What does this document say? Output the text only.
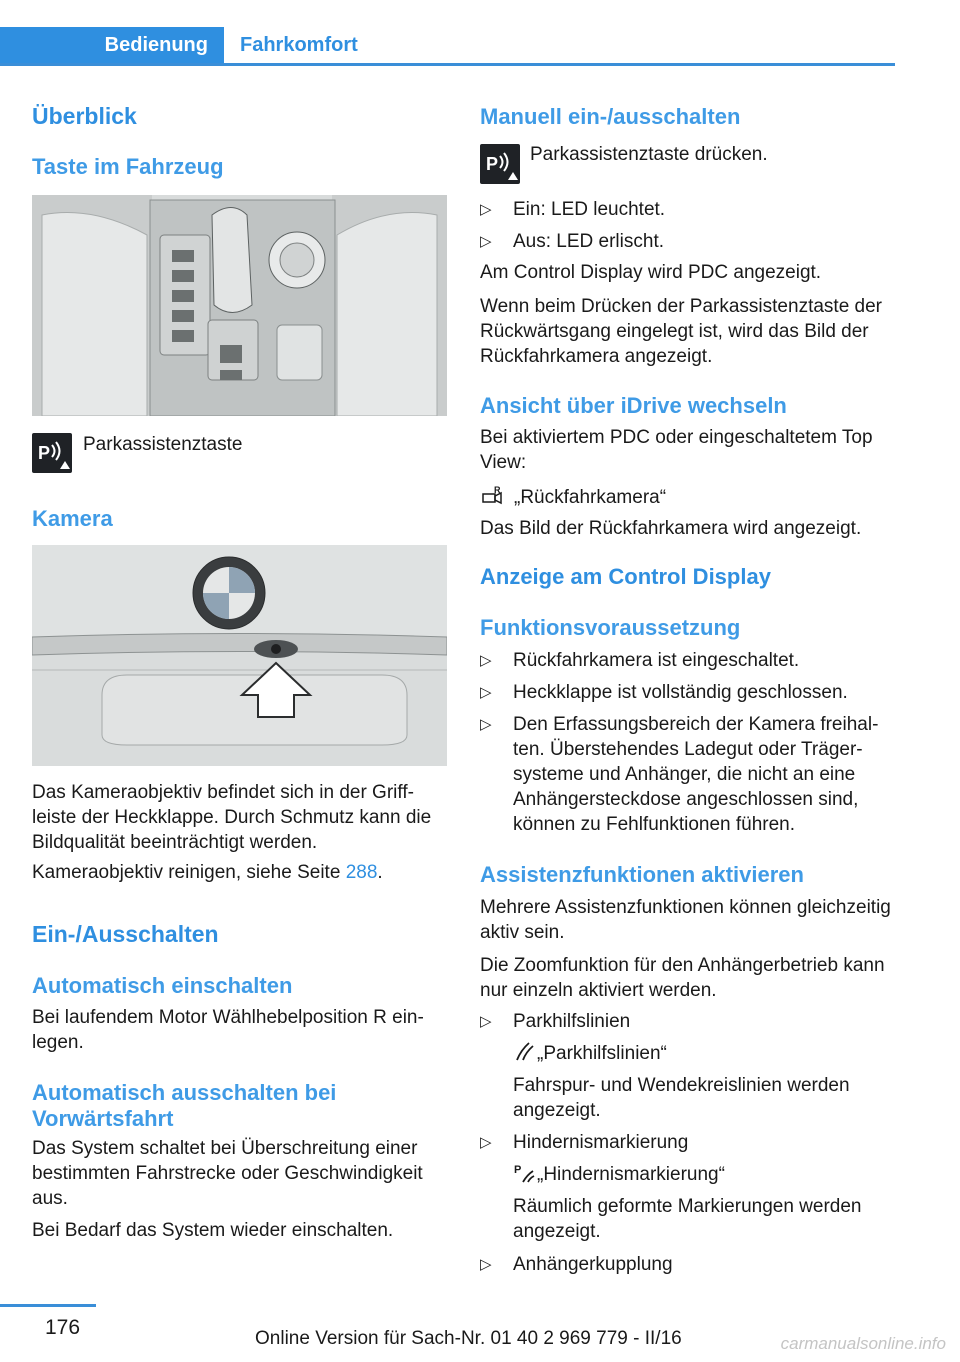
Bedienung	Fahrkomfort
Überblick
Taste im Fahrzeug
P Parkassistenztaste
Kamera
Das Kameraobjektiv befindet sich in der Griffleiste der Heckklappe. Durch Schmutz kann die Bildqualität beeinträchtigt werden.
Kameraobjektiv reinigen, siehe Seite 288.
Ein-/Ausschalten
Automatisch einschalten
Bei laufendem Motor Wählhebelposition R einlegen.
Automatisch ausschalten bei Vorwärtsfahrt
Das System schaltet bei Überschreitung einer bestimmten Fahrstrecke oder Geschwindigkeit aus.
Bei Bedarf das System wieder einschalten.
Manuell ein-/ausschalten
P Parkassistenztaste drücken.
▷ Ein: LED leuchtet.
▷ Aus: LED erlischt.
Am Control Display wird PDC angezeigt.
Wenn beim Drücken der Parkassistenztaste der Rückwärtsgang eingelegt ist, wird das Bild der Rückfahrkamera angezeigt.
Ansicht über iDrive wechseln
Bei aktiviertem PDC oder eingeschaltetem Top View:
R „Rückfahrkamera“
Das Bild der Rückfahrkamera wird angezeigt.
Anzeige am Control Display
Funktionsvoraussetzung
▷ Rückfahrkamera ist eingeschaltet.
▷ Heckklappe ist vollständig geschlossen.
▷ Den Erfassungsbereich der Kamera freihalten. Überstehendes Ladegut oder Trägersysteme und Anhänger, die nicht an eine Anhängersteckdose angeschlossen sind, können zu Fehlfunktionen führen.
Assistenzfunktionen aktivieren
Mehrere Assistenzfunktionen können gleichzeitig aktiv sein.
Die Zoomfunktion für den Anhängerbetrieb kann nur einzeln aktiviert werden.
▷ Parkhilfslinien
„Parkhilfslinien“
Fahrspur- und Wendekreislinien werden angezeigt.
▷ Hindernismarkierung
P „Hindernismarkierung“
Räumlich geformte Markierungen werden angezeigt.
▷ Anhängerkupplung
176	Online Version für Sach-Nr. 01 40 2 969 779 - II/16	carmanualsonline.info
